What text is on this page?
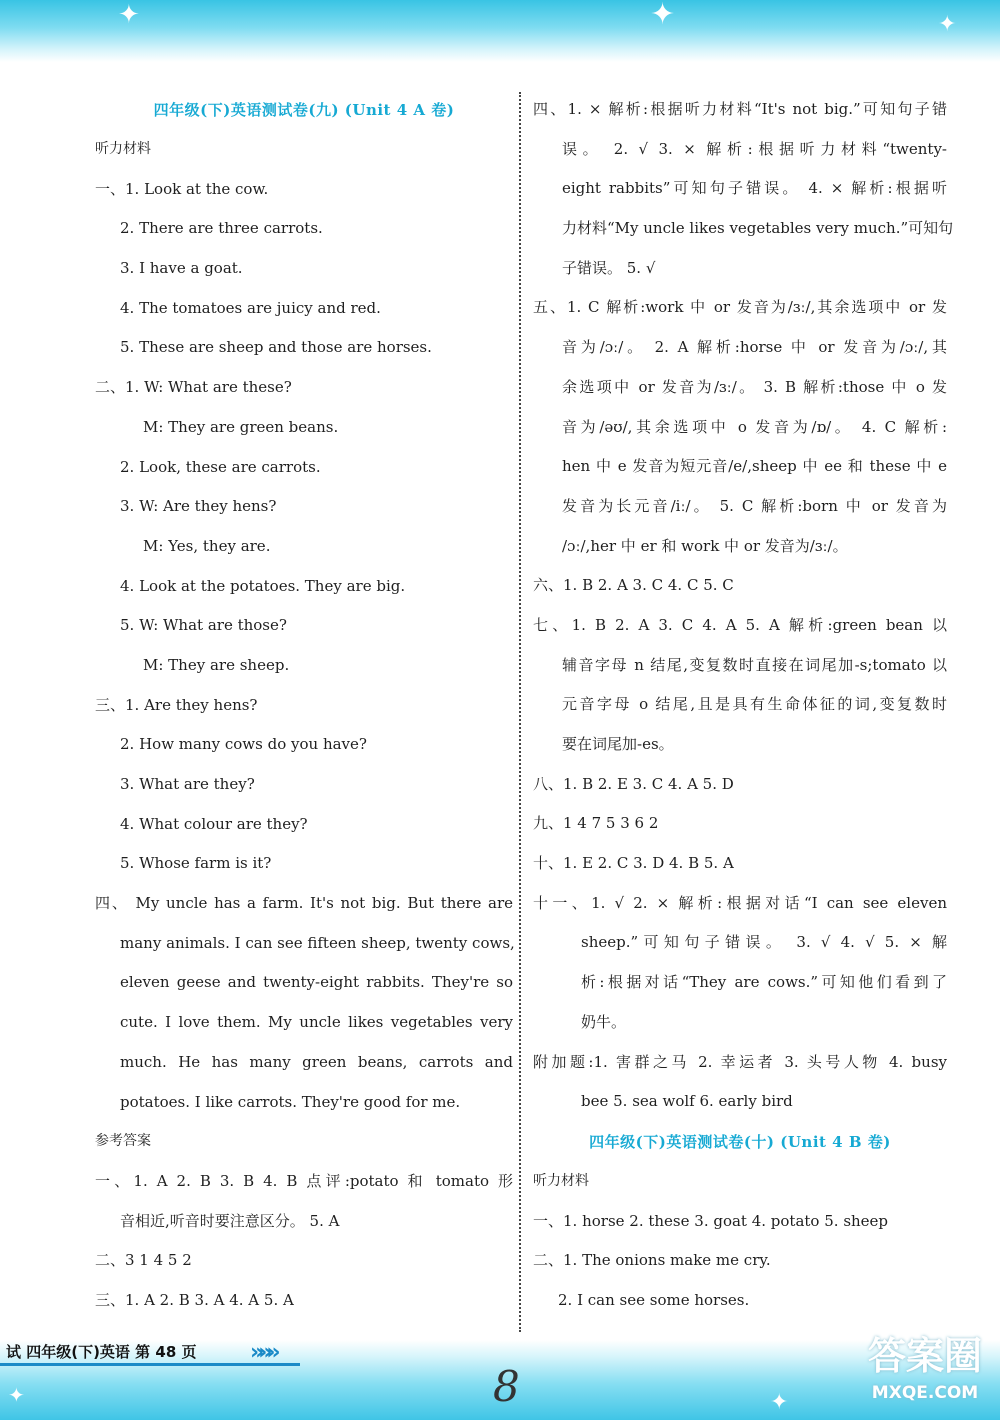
✦	✦	✦
✦	✦
四年级(下)英语测试卷(九) (Unit 4 A 卷)
听力材料
一、1. Look at the cow.
2. There are three carrots.
3. I have a goat.
4. The tomatoes are juicy and red.
5. These are sheep and those are horses.
二、1. W: What are these?
M: They are green beans.
2. Look, these are carrots.
3. W: Are they hens?
M: Yes, they are.
4. Look at the potatoes. They are big.
5. W: What are those?
M: They are sheep.
三、1. Are they hens?
2. How many cows do you have?
3. What are they?
4. What colour are they?
5. Whose farm is it?
四、 My uncle has a farm. It's not big. But there are
many animals. I can see fifteen sheep, twenty cows,
eleven geese and twenty-eight rabbits. They're so
cute. I love them. My uncle likes vegetables very
much. He has many green beans, carrots and
potatoes. I like carrots. They're good for me.
参考答案
一、1. A 2. B 3. B 4. B 点评:potato 和 tomato 形
音相近,听音时要注意区分。 5. A
二、3 1 4 5 2
三、1. A 2. B 3. A 4. A 5. A
四、1. × 解析:根据听力材料“It's not big.”可知句子错
误。 2. √ 3. × 解析:根据听力材料“twenty-
eight rabbits”可知句子错误。 4. × 解析:根据听
力材料“My uncle likes vegetables very much.”可知句
子错误。 5. √
五、1. C 解析:work 中 or 发音为/ɜː/,其余选项中 or 发
音为/ɔː/。 2. A 解析:horse 中 or 发音为/ɔː/,其
余选项中 or 发音为/ɜː/。 3. B 解析:those 中 o 发
音为/əʊ/,其余选项中 o 发音为/ɒ/。 4. C 解析:
hen 中 e 发音为短元音/e/,sheep 中 ee 和 these 中 e
发音为长元音/iː/。 5. C 解析:born 中 or 发音为
/ɔː/,her 中 er 和 work 中 or 发音为/ɜː/。
六、1. B 2. A 3. C 4. C 5. C
七、1. B 2. A 3. C 4. A 5. A 解析:green bean 以
辅音字母 n 结尾,变复数时直接在词尾加-s;tomato 以
元音字母 o 结尾,且是具有生命体征的词,变复数时
要在词尾加-es。
八、1. B 2. E 3. C 4. A 5. D
九、1 4 7 5 3 6 2
十、1. E 2. C 3. D 4. B 5. A
十一、1. √ 2. × 解析:根据对话“I can see eleven
sheep.”可知句子错误。 3. √ 4. √ 5. × 解
析:根据对话“They are cows.”可知他们看到了
奶牛。
附加题:1. 害群之马 2. 幸运者 3. 头号人物 4. busy
bee 5. sea wolf 6. early bird
四年级(下)英语测试卷(十) (Unit 4 B 卷)
听力材料
一、1. horse 2. these 3. goat 4. potato 5. sheep
二、1. The onions make me cry.
2. I can see some horses.
试 四年级(下)英语 第 48 页 »»»
8
答案圈
MXQE.COM
